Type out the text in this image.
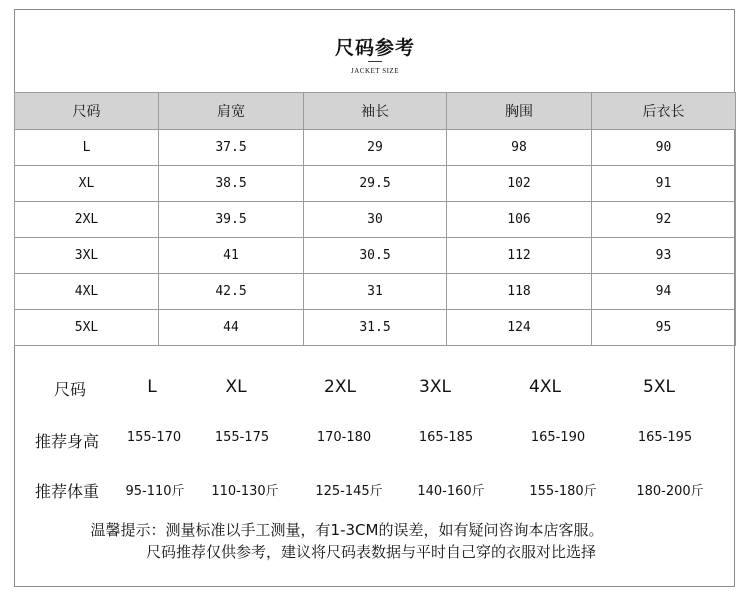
尺码参考
JACKET SIZE
尺码	肩宽	袖长	胸围	后衣长
L	37.5	29	98	90
XL	38.5	29.5	102	91
2XL	39.5	30	106	92
3XL	41	30.5	112	93
4XL	42.5	31	118	94
5XL	44	31.5	124	95
尺码	L	XL	2XL	3XL	4XL	5XL
推荐身高	155-170	155-175	170-180	165-185	165-190	165-195
推荐体重	95-110斤	110-130斤	125-145斤	140-160斤	155-180斤	180-200斤
温馨提示：测量标准以手工测量，有1-3CM的误差，如有疑问咨询本店客服。
尺码推荐仅供参考，建议将尺码表数据与平时自己穿的衣服对比选择
